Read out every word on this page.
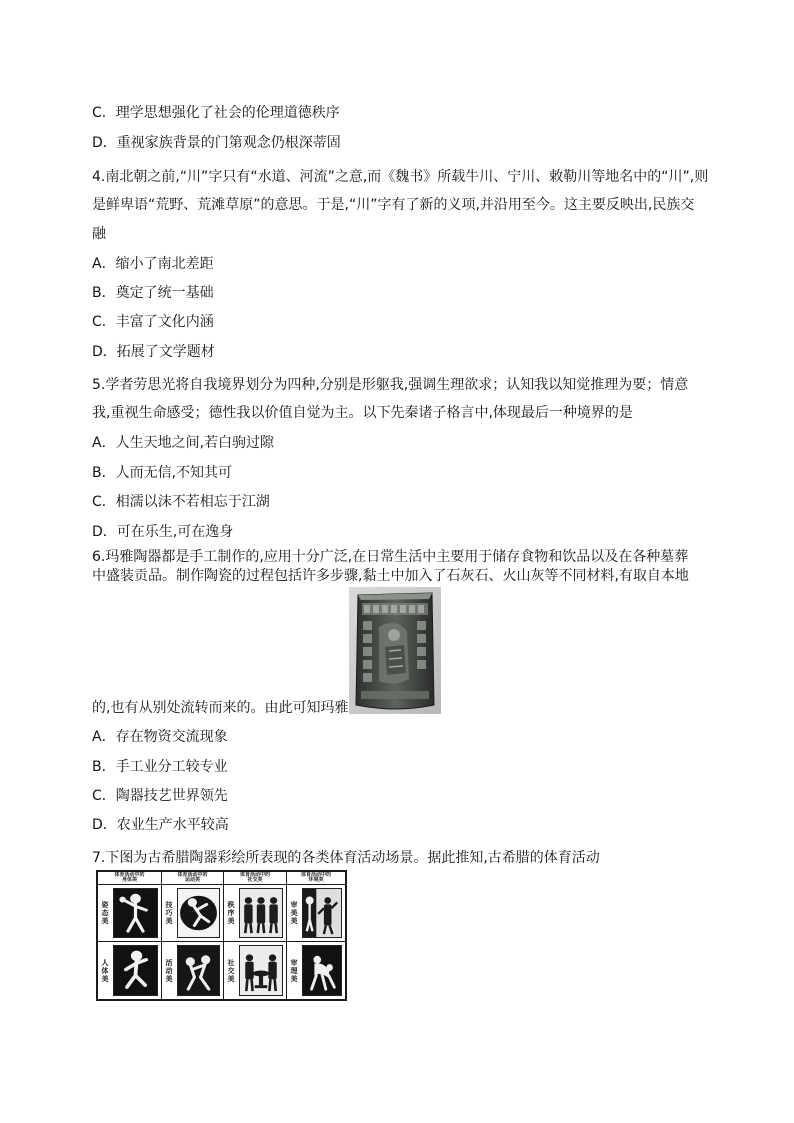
C．理学思想强化了社会的伦理道德秩序
D．重视家族背景的门第观念仍根深蒂固
4.南北朝之前,“川”字只有“水道、河流”之意,而《魏书》所载牛川、宁川、敕勒川等地名中的“川”,则
是鲜卑语“荒野、荒滩草原”的意思。于是,“川”字有了新的义项,并沿用至今。这主要反映出,民族交
融
A．缩小了南北差距
B．奠定了统一基础
C．丰富了文化内涵
D．拓展了文学题材
5.学者劳思光将自我境界划分为四种,分别是形躯我,强调生理欲求；认知我以知觉推理为要；情意
我,重视生命感受；德性我以价值自觉为主。以下先秦诸子格言中,体现最后一种境界的是
A．人生天地之间,若白驹过隙
B．人而无信,不知其可
C．相濡以沫不若相忘于江湖
D．可在乐生,可在逸身
6.玛雅陶器都是手工制作的,应用十分广泛,在日常生活中主要用于储存食物和饮品以及在各种墓葬
中盛装贡品。制作陶瓷的过程包括许多步骤,黏土中加入了石灰石、火山灰等不同材料,有取自本地
的,也有从别处流转而来的。由此可知玛雅
A．存在物资交流现象
B．手工业分工较专业
C．陶器技艺世界领先
D．农业生产水平较高
7.下图为古希腊陶器彩绘所表现的各类体育活动场景。据此推知,古希腊的体育活动
体育活动中的身体美
体育活动中的运动美
体育活动中的社交美
体育活动中的环境美
姿态美
技巧美
秩序美
审美美
人体美
活动美
社交美
审理美
